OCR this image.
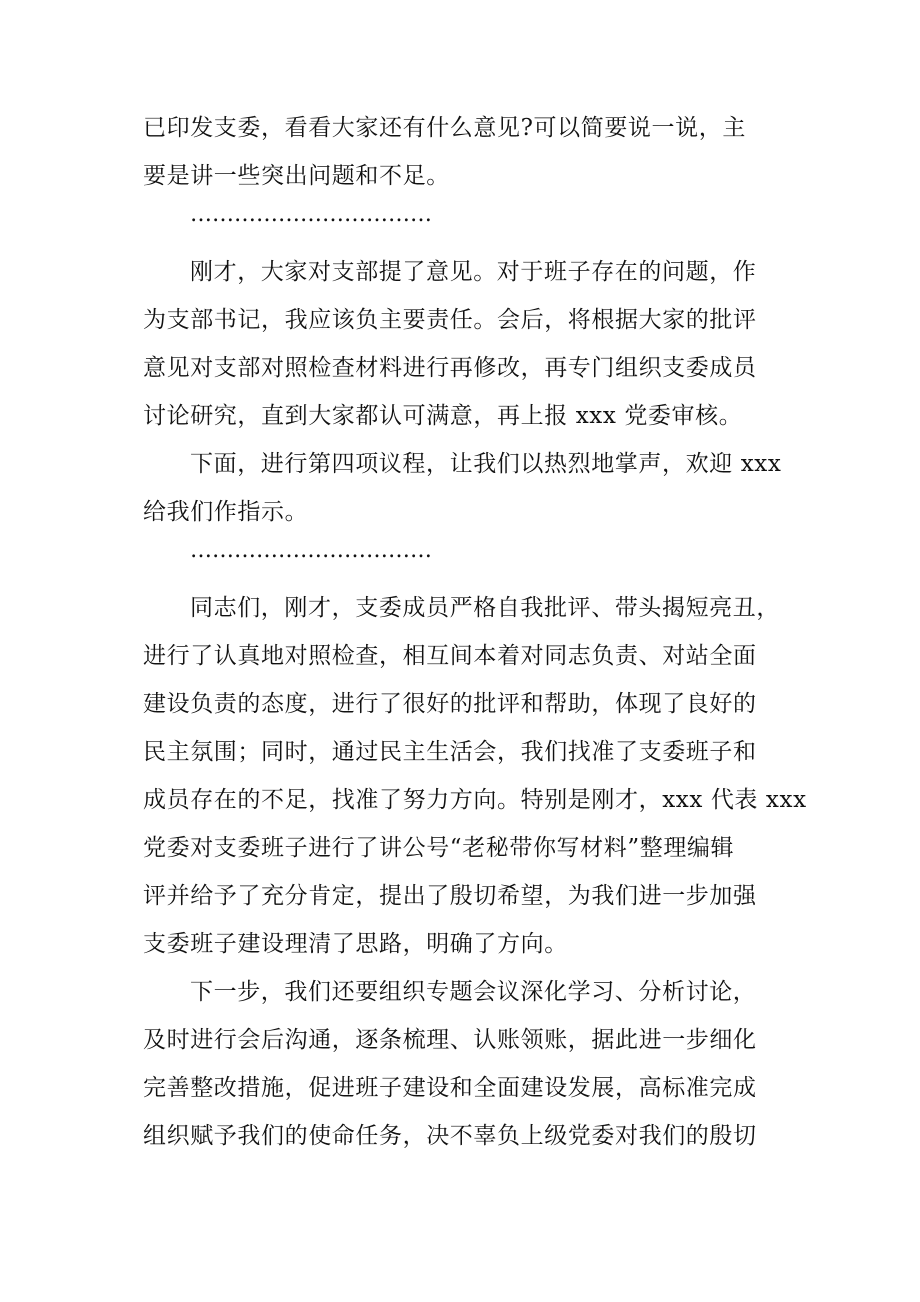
已印发支委，看看大家还有什么意见?可以简要说一说，主
要是讲一些突出问题和不足。
……………………………
刚才，大家对支部提了意见。对于班子存在的问题，作
为支部书记，我应该负主要责任。会后，将根据大家的批评
意见对支部对照检查材料进行再修改，再专门组织支委成员
讨论研究，直到大家都认可满意，再上报 xxx 党委审核。
下面，进行第四项议程，让我们以热烈地掌声，欢迎 xxx
给我们作指示。
……………………………
同志们，刚才，支委成员严格自我批评、带头揭短亮丑，
进行了认真地对照检查，相互间本着对同志负责、对站全面
建设负责的态度，进行了很好的批评和帮助，体现了良好的
民主氛围；同时，通过民主生活会，我们找准了支委班子和
成员存在的不足，找准了努力方向。特别是刚才，xxx 代表 xxx
党委对支委班子进行了讲公号“老秘带你写材料”整理编辑
评并给予了充分肯定，提出了殷切希望，为我们进一步加强
支委班子建设理清了思路，明确了方向。
下一步，我们还要组织专题会议深化学习、分析讨论，
及时进行会后沟通，逐条梳理、认账领账，据此进一步细化
完善整改措施，促进班子建设和全面建设发展，高标准完成
组织赋予我们的使命任务，决不辜负上级党委对我们的殷切
